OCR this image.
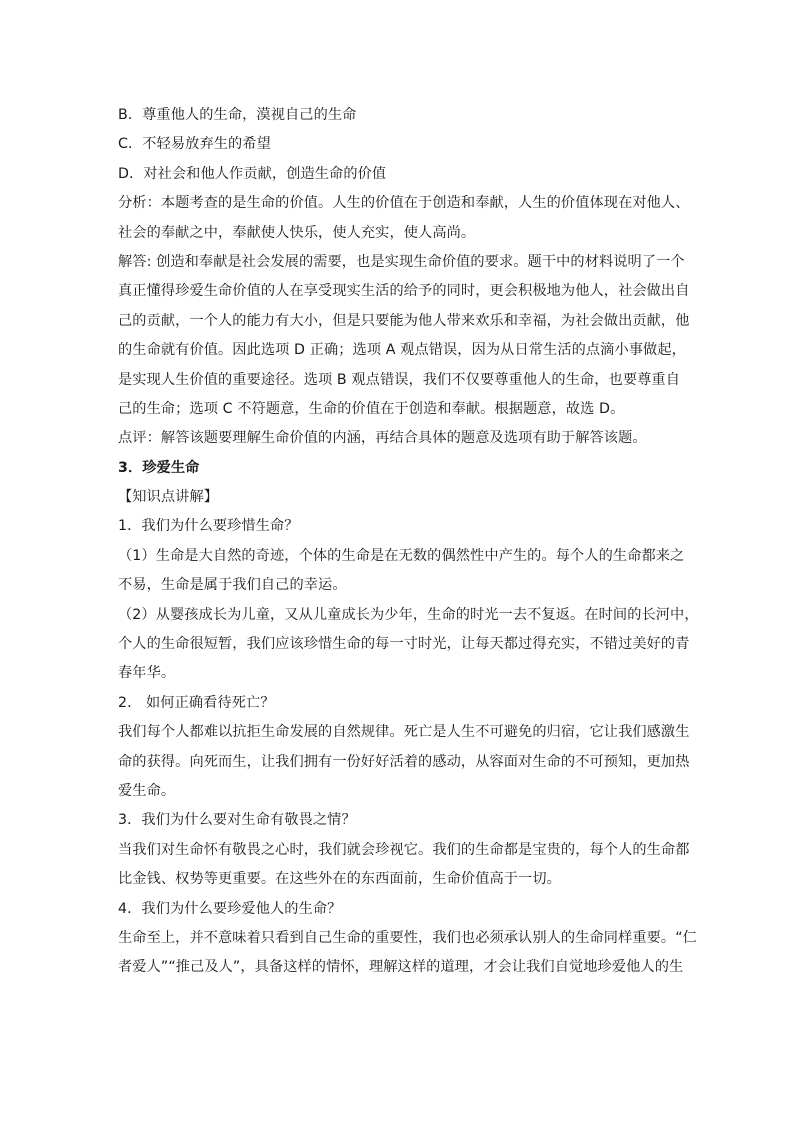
B．尊重他人的生命，漠视自己的生命
C．不轻易放弃生的希望
D．对社会和他人作贡献，创造生命的价值
分析：本题考查的是生命的价值。人生的价值在于创造和奉献，人生的价值体现在对他人、
社会的奉献之中，奉献使人快乐，使人充实，使人高尚。
解答: 创造和奉献是社会发展的需要，也是实现生命价值的要求。题干中的材料说明了一个
真正懂得珍爱生命价值的人在享受现实生活的给予的同时，更会积极地为他人，社会做出自
己的贡献，一个人的能力有大小，但是只要能为他人带来欢乐和幸福，为社会做出贡献，他
的生命就有价值。因此选项 D 正确；选项 A 观点错误，因为从日常生活的点滴小事做起，
是实现人生价值的重要途径。选项 B 观点错误，我们不仅要尊重他人的生命，也要尊重自
己的生命；选项 C 不符题意，生命的价值在于创造和奉献。根据题意，故选 D。
点评：解答该题要理解生命价值的内涵，再结合具体的题意及选项有助于解答该题。
3．珍爱生命
【知识点讲解】
1．我们为什么要珍惜生命？
（1）生命是大自然的奇迹，个体的生命是在无数的偶然性中产生的。每个人的生命都来之
不易，生命是属于我们自己的幸运。
（2）从婴孩成长为儿童，又从儿童成长为少年，生命的时光一去不复返。在时间的长河中，
个人的生命很短暂，我们应该珍惜生命的每一寸时光，让每天都过得充实，不错过美好的青
春年华。
2． 如何正确看待死亡？
我们每个人都难以抗拒生命发展的自然规律。死亡是人生不可避免的归宿，它让我们感激生
命的获得。向死而生，让我们拥有一份好好活着的感动，从容面对生命的不可预知，更加热
爱生命。
3．我们为什么要对生命有敬畏之情？
当我们对生命怀有敬畏之心时，我们就会珍视它。我们的生命都是宝贵的，每个人的生命都
比金钱、权势等更重要。在这些外在的东西面前，生命价值高于一切。
4．我们为什么要珍爱他人的生命？
生命至上，并不意味着只看到自己生命的重要性，我们也必须承认别人的生命同样重要。“仁
者爱人”“推己及人”，具备这样的情怀，理解这样的道理，才会让我们自觉地珍爱他人的生
